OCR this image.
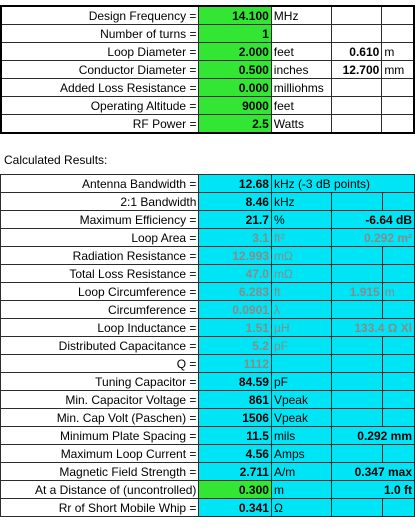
Design Frequency =	14.100	MHz		
Number of turns =	1			
Loop Diameter =	2.000	feet	0.610	m
Conductor Diameter =	0.500	inches	12.700	mm
Added Loss Resistance =	0.000	milliohms		
Operating Altitude =	9000	feet		
RF Power =	2.5	Watts		
Calculated Results:
Antenna Bandwidth =	12.68	kHz (-3 dB points)		
2:1 Bandwidth	8.46	kHz		
Maximum Efficiency =	21.7	%	-6.64 dB	
Loop Area =	3.1	ft²	0.292 m²	
Radiation Resistance =	12.993	mΩ		
Total Loss Resistance =	47.0	mΩ		
Loop Circumference =	6.283	ft	1.915	m
Circumference =	0.0901	λ		
Loop Inductance =	1.51	µH	133.4 Ω Xl	
Distributed Capacitance =	5.2	pF		
Q =	1112			
Tuning Capacitor =	84.59	pF		
Min. Capacitor Voltage =	861	Vpeak		
Min. Cap Volt (Paschen) =	1506	Vpeak		
Minimum Plate Spacing =	11.5	mils	0.292 mm	
Maximum Loop Current =	4.56	Amps		
Magnetic Field Strength =	2.711	A/m	0.347 max	
At a Distance of (uncontrolled)	0.300	m	1.0 ft	
Rr of Short Mobile Whip =	0.341	Ω		
